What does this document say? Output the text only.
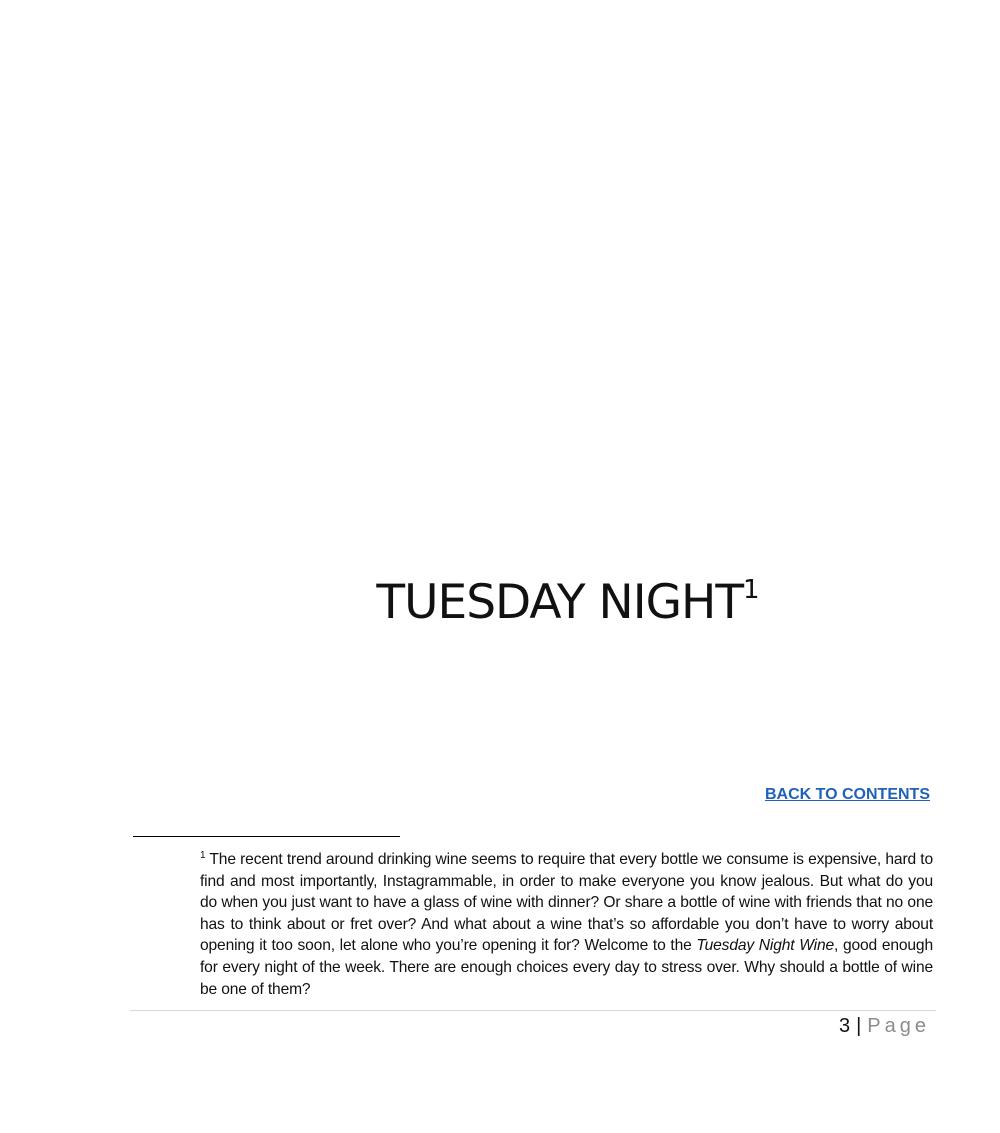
TUESDAY NIGHT$^1$
BACK TO CONTENTS

$^1$ The recent trend around drinking wine seems to require that every bottle we consume is expensive, hard to find and most importantly, Instagrammable, in order to make everyone you know jealous. But what do you do when you just want to have a glass of wine with dinner? Or share a bottle of wine with friends that no one has to think about or fret over? And what about a wine that’s so affordable you don’t have to worry about opening it too soon, let alone who you’re opening it for? Welcome to the Tuesday Night Wine, good enough for every night of the week. There are enough choices every day to stress over. Why should a bottle of wine be one of them?

3 | Page
